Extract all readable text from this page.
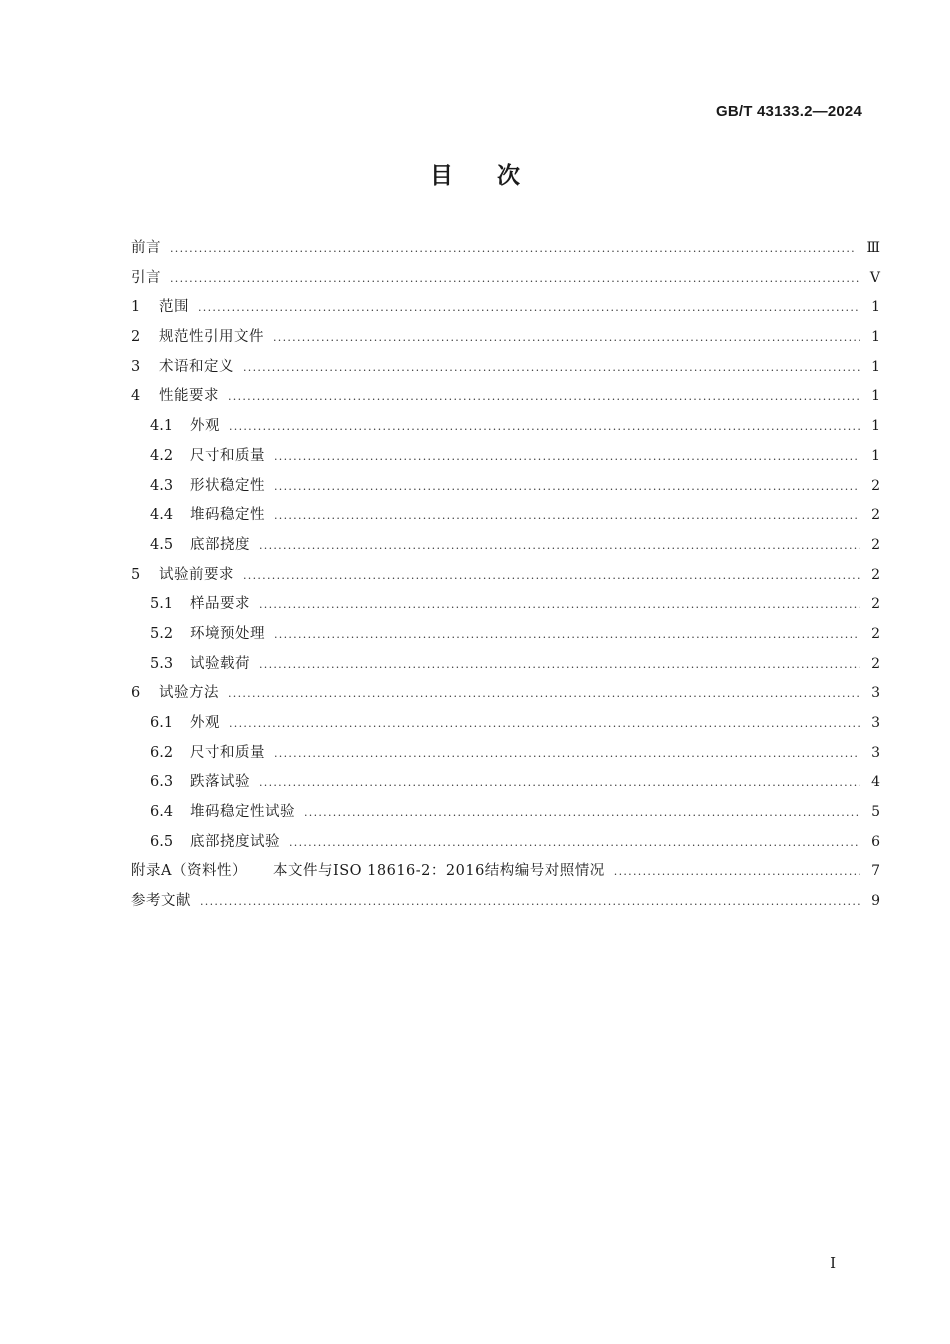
GB/T 43133.2—2024
目次
前言 .....	Ⅲ
引言 .....	V
1	范围 .....	1
2	规范性引用文件 .....	1
3	术语和定义 .....	1
4	性能要求 .....	1
4.1	外观 .....	1
4.2	尺寸和质量 .....	1
4.3	形状稳定性 .....	2
4.4	堆码稳定性 .....	2
4.5	底部挠度 .....	2
5	试验前要求 .....	2
5.1	样品要求 .....	2
5.2	环境预处理 .....	2
5.3	试验载荷 .....	2
6	试验方法 .....	3
6.1	外观 .....	3
6.2	尺寸和质量 .....	3
6.3	跌落试验 .....	4
6.4	堆码稳定性试验 .....	5
6.5	底部挠度试验 .....	6
附录A（资料性） 本文件与ISO 18616-2：2016结构编号对照情况 .....	7
参考文献 .....	9
I
